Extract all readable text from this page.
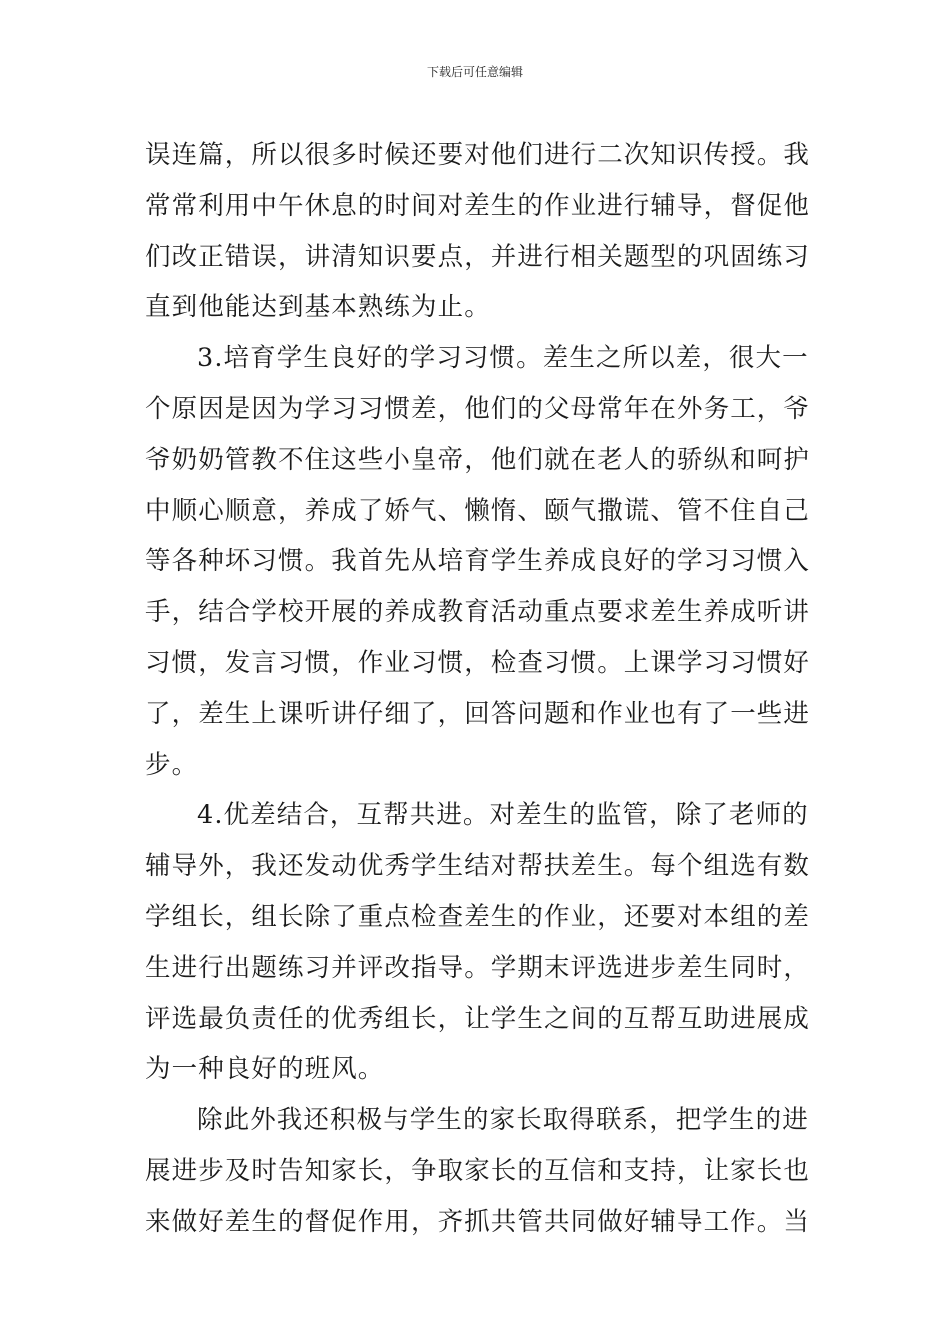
下载后可任意编辑
误连篇，所以很多时候还要对他们进行二次知识传授。我
常常利用中午休息的时间对差生的作业进行辅导，督促他
们改正错误，讲清知识要点，并进行相关题型的巩固练习
直到他能达到基本熟练为止。
3.培育学生良好的学习习惯。差生之所以差，很大一
个原因是因为学习习惯差，他们的父母常年在外务工，爷
爷奶奶管教不住这些小皇帝，他们就在老人的骄纵和呵护
中顺心顺意，养成了娇气、懒惰、颐气撒谎、管不住自己
等各种坏习惯。我首先从培育学生养成良好的学习习惯入
手，结合学校开展的养成教育活动重点要求差生养成听讲
习惯，发言习惯，作业习惯，检查习惯。上课学习习惯好
了，差生上课听讲仔细了，回答问题和作业也有了一些进
步。
4.优差结合，互帮共进。对差生的监管，除了老师的
辅导外，我还发动优秀学生结对帮扶差生。每个组选有数
学组长，组长除了重点检查差生的作业，还要对本组的差
生进行出题练习并评改指导。学期末评选进步差生同时，
评选最负责任的优秀组长，让学生之间的互帮互助进展成
为一种良好的班风。
除此外我还积极与学生的家长取得联系，把学生的进
展进步及时告知家长，争取家长的互信和支持，让家长也
来做好差生的督促作用，齐抓共管共同做好辅导工作。当
